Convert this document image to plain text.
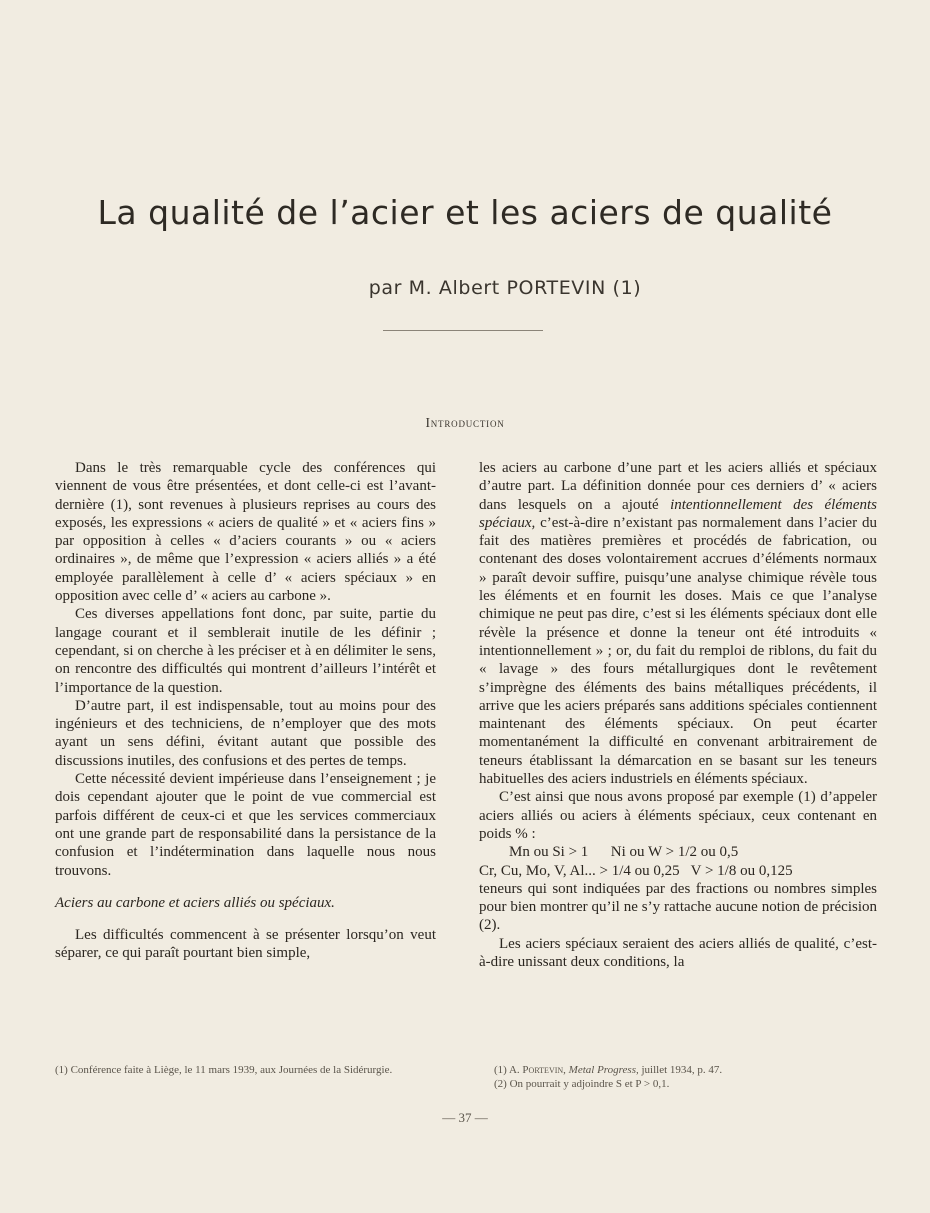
La qualité de l’acier et les aciers de qualité
par M. Albert PORTEVIN (1)
Introduction

Dans le très remarquable cycle des conférences qui viennent de vous être présentées, et dont celle-ci est l’avant-dernière (1), sont revenues à plusieurs reprises au cours des exposés, les expressions « aciers de qualité » et « aciers fins » par opposition à celles « d’aciers courants » ou « aciers ordinaires », de même que l’expression « aciers alliés » a été employée parallèlement à celle d’ « aciers spéciaux » en opposition avec celle d’ « aciers au carbone ».

Ces diverses appellations font donc, par suite, partie du langage courant et il semblerait inutile de les définir ; cependant, si on cherche à les préciser et à en délimiter le sens, on rencontre des difficultés qui montrent d’ailleurs l’intérêt et l’importance de la question.

D’autre part, il est indispensable, tout au moins pour des ingénieurs et des techniciens, de n’employer que des mots ayant un sens défini, évitant autant que possible des discussions inutiles, des confusions et des pertes de temps.

Cette nécessité devient impérieuse dans l’enseignement ; je dois cependant ajouter que le point de vue commercial est parfois différent de ceux-ci et que les services commerciaux ont une grande part de responsabilité dans la persistance de la confusion et l’indétermination dans laquelle nous nous trouvons.

Aciers au carbone et aciers alliés ou spéciaux.

Les difficultés commencent à se présenter lorsqu’on veut séparer, ce qui paraît pourtant bien simple,

les aciers au carbone d’une part et les aciers alliés et spéciaux d’autre part. La définition donnée pour ces derniers d’ « aciers dans lesquels on a ajouté intentionnellement des éléments spéciaux, c’est-à-dire n’existant pas normalement dans l’acier du fait des matières premières et procédés de fabrication, ou contenant des doses volontairement accrues d’éléments normaux » paraît devoir suffire, puisqu’une analyse chimique révèle tous les éléments et en fournit les doses. Mais ce que l’analyse chimique ne peut pas dire, c’est si les éléments spéciaux dont elle révèle la présence et donne la teneur ont été introduits « intentionnellement » ; or, du fait du remploi de riblons, du fait du « lavage » des fours métallurgiques dont le revêtement s’imprègne des éléments des bains métalliques précédents, il arrive que les aciers préparés sans additions spéciales contiennent maintenant des éléments spéciaux. On peut écarter momentanément la difficulté en convenant arbitrairement de teneurs établissant la démarcation en se basant sur les teneurs habituelles des aciers industriels en éléments spéciaux.

C’est ainsi que nous avons proposé par exemple (1) d’appeler aciers alliés ou aciers à éléments spéciaux, ceux contenant en poids % :

Mn ou Si > 1      Ni ou W > 1/2 ou 0,5

Cr, Cu, Mo, V, Al... > 1/4 ou 0,25   V > 1/8 ou 0,125

teneurs qui sont indiquées par des fractions ou nombres simples pour bien montrer qu’il ne s’y rattache aucune notion de précision (2).

Les aciers spéciaux seraient des aciers alliés de qualité, c’est-à-dire unissant deux conditions, la

(1) Conférence faite à Liège, le 11 mars 1939, aux Journées de la Sidérurgie.	(1) A. Portevin, Metal Progress, juillet 1934, p. 47.

(2) On pourrait y adjoindre S et P > 0,1.

— 37 —
